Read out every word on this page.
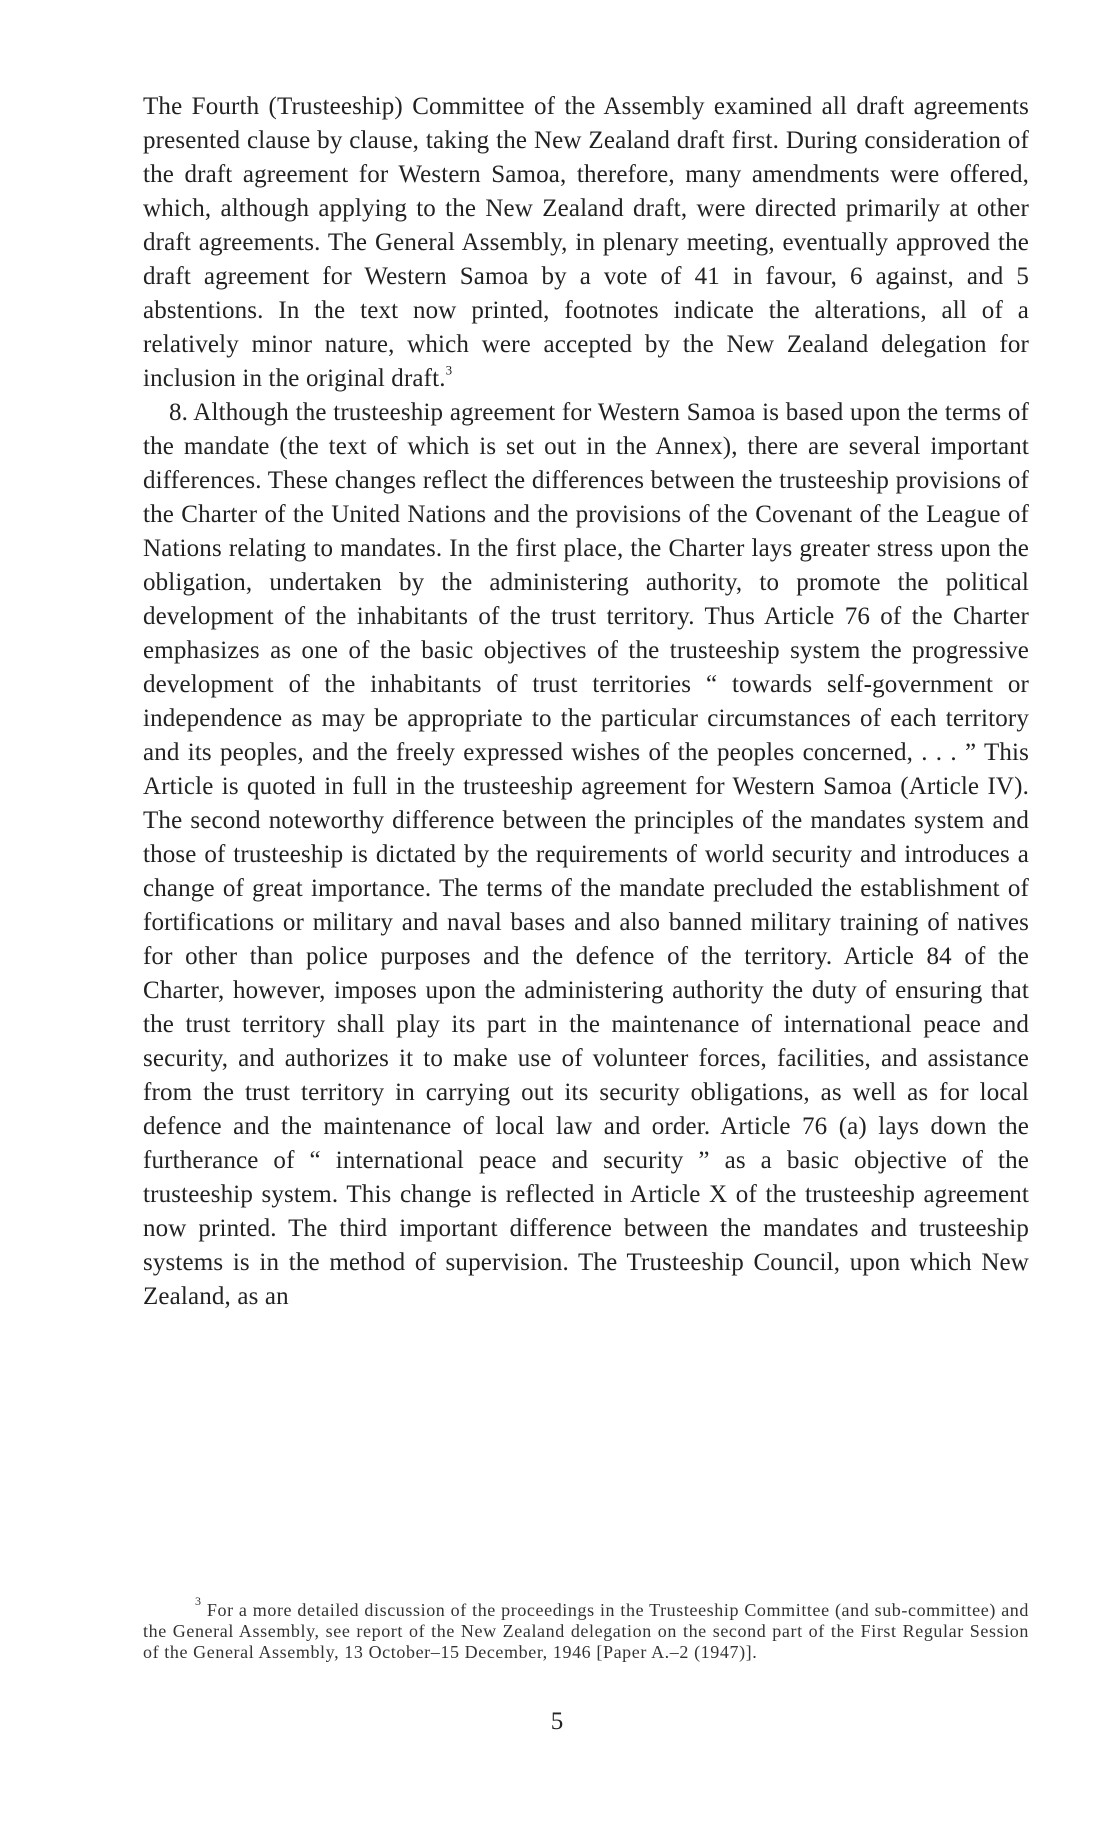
The Fourth (Trusteeship) Committee of the Assembly examined all draft agreements presented clause by clause, taking the New Zealand draft first. During consideration of the draft agreement for Western Samoa, therefore, many amendments were offered, which, although applying to the New Zealand draft, were directed primarily at other draft agreements. The General Assembly, in plenary meeting, eventually approved the draft agreement for Western Samoa by a vote of 41 in favour, 6 against, and 5 abstentions. In the text now printed, footnotes indicate the alterations, all of a relatively minor nature, which were accepted by the New Zealand delegation for inclusion in the original draft.$^3$

8. Although the trusteeship agreement for Western Samoa is based upon the terms of the mandate (the text of which is set out in the Annex), there are several important differences. These changes reflect the differences between the trusteeship provisions of the Charter of the United Nations and the provisions of the Covenant of the League of Nations relating to mandates. In the first place, the Charter lays greater stress upon the obligation, undertaken by the administering authority, to promote the political development of the inhabitants of the trust territory. Thus Article 76 of the Charter emphasizes as one of the basic objectives of the trusteeship system the progressive development of the inhabitants of trust territories “ towards self-government or independence as may be appropriate to the particular circumstances of each territory and its peoples, and the freely expressed wishes of the peoples concerned, . . . ” This Article is quoted in full in the trusteeship agreement for Western Samoa (Article IV). The second noteworthy difference between the principles of the mandates system and those of trusteeship is dictated by the requirements of world security and introduces a change of great importance. The terms of the mandate precluded the establishment of fortifications or military and naval bases and also banned military training of natives for other than police purposes and the defence of the territory. Article 84 of the Charter, however, imposes upon the administering authority the duty of ensuring that the trust territory shall play its part in the maintenance of international peace and security, and authorizes it to make use of volunteer forces, facilities, and assistance from the trust territory in carrying out its security obligations, as well as for local defence and the maintenance of local law and order. Article 76 (a) lays down the furtherance of “ international peace and security ” as a basic objective of the trusteeship system. This change is reflected in Article X of the trusteeship agreement now printed. The third important difference between the mandates and trusteeship systems is in the method of supervision. The Trusteeship Council, upon which New Zealand, as an

$^3$ For a more detailed discussion of the proceedings in the Trusteeship Committee (and sub-committee) and the General Assembly, see report of the New Zealand delegation on the second part of the First Regular Session of the General Assembly, 13 October–15 December, 1946 [Paper A.–2 (1947)].

5
